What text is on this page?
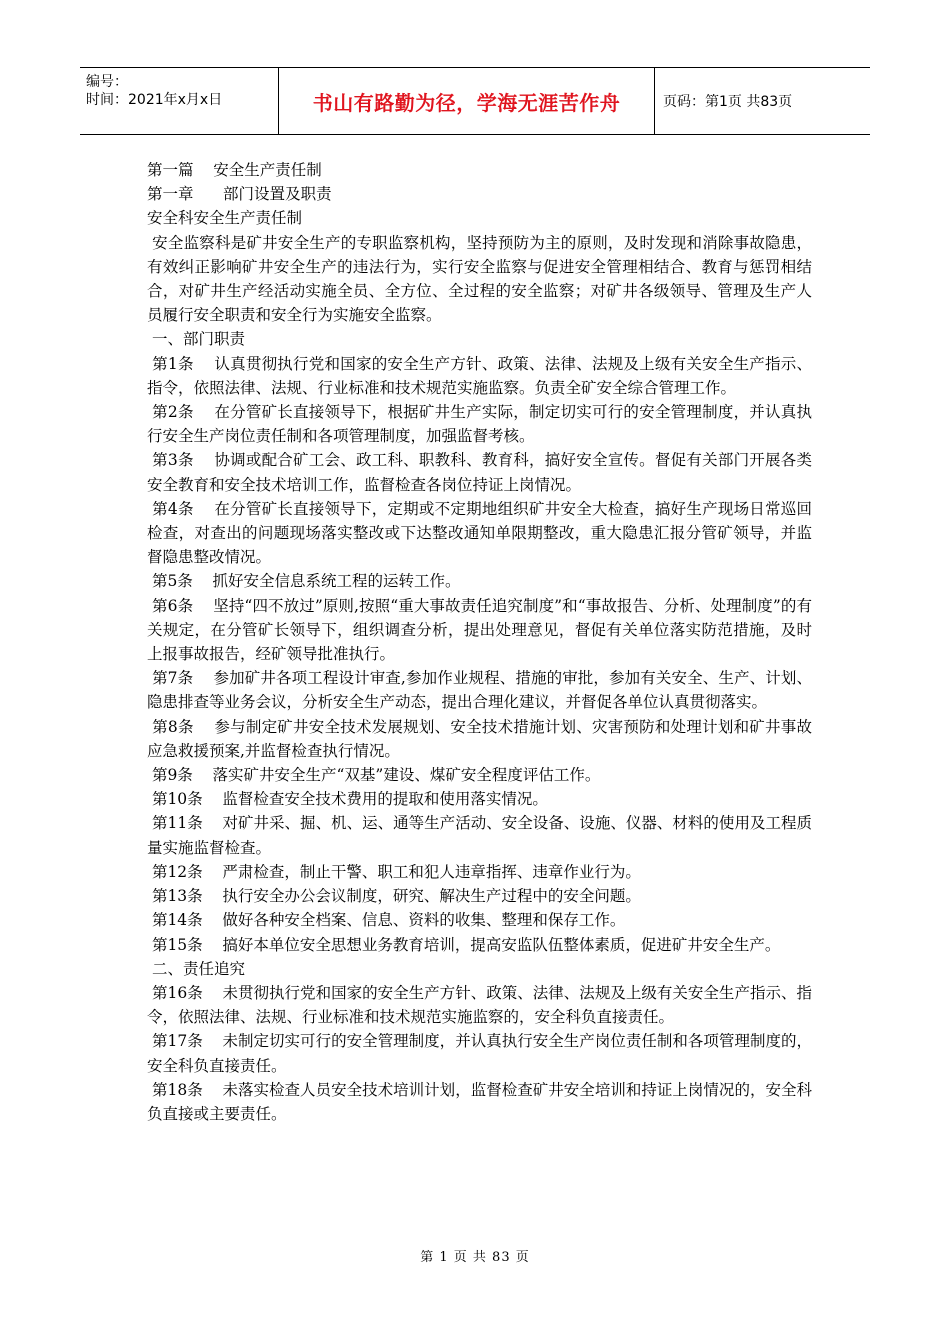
编号：
时间：2021年x月x日	书山有路勤为径，学海无涯苦作舟	页码：第1页 共83页

第一篇    安全生产责任制

第一章      部门设置及职责

安全科安全生产责任制

安全监察科是矿井安全生产的专职监察机构，坚持预防为主的原则，及时发现和消除事故隐患，有效纠正影响矿井安全生产的违法行为，实行安全监察与促进安全管理相结合、教育与惩罚相结合，对矿井生产经活动实施全员、全方位、全过程的安全监察；对矿井各级领导、管理及生产人员履行安全职责和安全行为实施安全监察。

一、部门职责

第1条    认真贯彻执行党和国家的安全生产方针、政策、法律、法规及上级有关安全生产指示、指令，依照法律、法规、行业标准和技术规范实施监察。负责全矿安全综合管理工作。

第2条    在分管矿长直接领导下，根据矿井生产实际，制定切实可行的安全管理制度，并认真执行安全生产岗位责任制和各项管理制度，加强监督考核。

第3条    协调或配合矿工会、政工科、职教科、教育科，搞好安全宣传。督促有关部门开展各类安全教育和安全技术培训工作，监督检查各岗位持证上岗情况。

第4条    在分管矿长直接领导下，定期或不定期地组织矿井安全大检查，搞好生产现场日常巡回检查，对查出的问题现场落实整改或下达整改通知单限期整改，重大隐患汇报分管矿领导，并监督隐患整改情况。

第5条    抓好安全信息系统工程的运转工作。

第6条    坚持“四不放过”原则,按照“重大事故责任追究制度”和“事故报告、分析、处理制度”的有关规定，在分管矿长领导下，组织调查分析，提出处理意见，督促有关单位落实防范措施，及时上报事故报告，经矿领导批准执行。

第7条    参加矿井各项工程设计审查,参加作业规程、措施的审批，参加有关安全、生产、计划、隐患排查等业务会议，分析安全生产动态，提出合理化建议，并督促各单位认真贯彻落实。

第8条    参与制定矿井安全技术发展规划、安全技术措施计划、灾害预防和处理计划和矿井事故应急救援预案,并监督检查执行情况。

第9条    落实矿井安全生产“双基”建设、煤矿安全程度评估工作。

第10条    监督检查安全技术费用的提取和使用落实情况。

第11条    对矿井采、掘、机、运、通等生产活动、安全设备、设施、仪器、材料的使用及工程质量实施监督检查。

第12条    严肃检查，制止干警、职工和犯人违章指挥、违章作业行为。

第13条    执行安全办公会议制度，研究、解决生产过程中的安全问题。

第14条    做好各种安全档案、信息、资料的收集、整理和保存工作。

第15条    搞好本单位安全思想业务教育培训，提高安监队伍整体素质，促进矿井安全生产。

二、责任追究

第16条    未贯彻执行党和国家的安全生产方针、政策、法律、法规及上级有关安全生产指示、指令，依照法律、法规、行业标准和技术规范实施监察的，安全科负直接责任。

第17条    未制定切实可行的安全管理制度，并认真执行安全生产岗位责任制和各项管理制度的，安全科负直接责任。

第18条    未落实检查人员安全技术培训计划，监督检查矿井安全培训和持证上岗情况的，安全科负直接或主要责任。

第 1 页 共 83 页
